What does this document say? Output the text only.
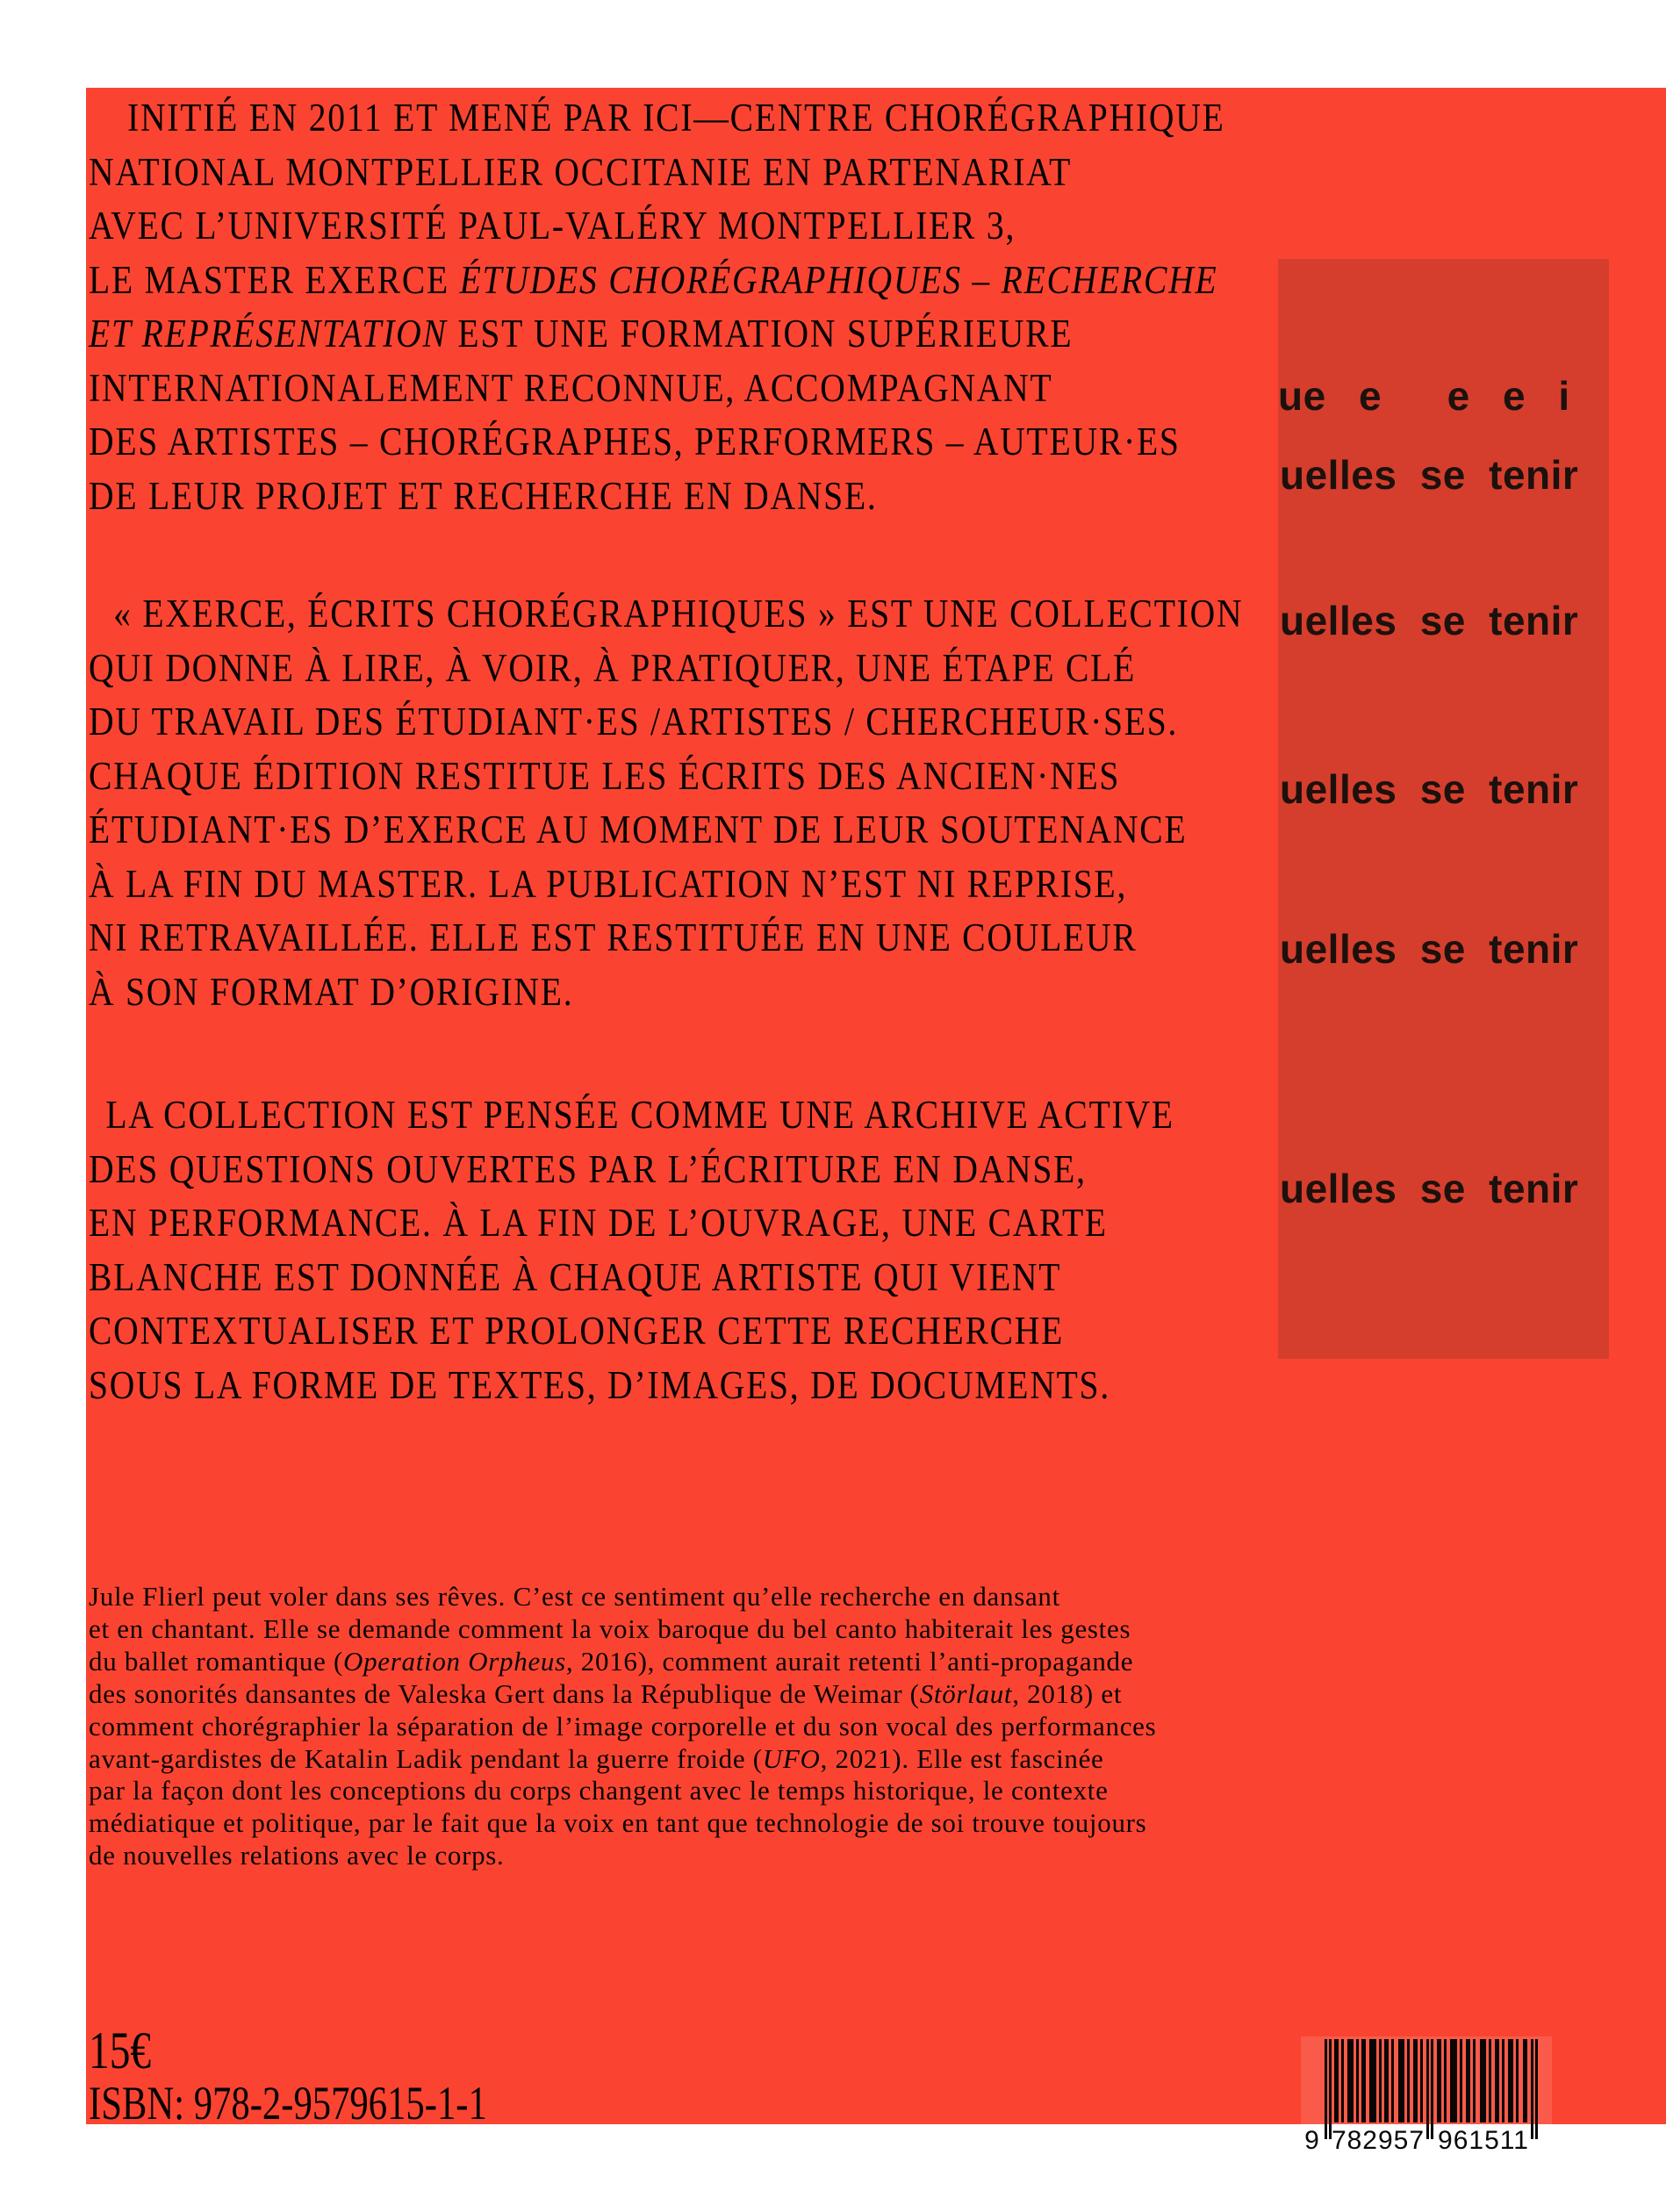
ue e  e e i
uelles se tenir
uelles se tenir
uelles se tenir
uelles se tenir
uelles se tenir
INITIÉ EN 2011 ET MENÉ PAR ICI—CENTRE CHORÉGRAPHIQUE
NATIONAL MONTPELLIER OCCITANIE EN PARTENARIAT
AVEC L’UNIVERSITÉ PAUL-VALÉRY MONTPELLIER 3,
LE MASTER EXERCE ÉTUDES CHORÉGRAPHIQUES – RECHERCHE
ET REPRÉSENTATION EST UNE FORMATION SUPÉRIEURE
INTERNATIONALEMENT RECONNUE, ACCOMPAGNANT
DES ARTISTES – CHORÉGRAPHES, PERFORMERS – AUTEUR·ES
DE LEUR PROJET ET RECHERCHE EN DANSE.
« EXERCE, ÉCRITS CHORÉGRAPHIQUES » EST UNE COLLECTION
QUI DONNE À LIRE, À VOIR, À PRATIQUER, UNE ÉTAPE CLÉ
DU TRAVAIL DES ÉTUDIANT·ES /ARTISTES / CHERCHEUR·SES.
CHAQUE ÉDITION RESTITUE LES ÉCRITS DES ANCIEN·NES
ÉTUDIANT·ES D’EXERCE AU MOMENT DE LEUR SOUTENANCE
À LA FIN DU MASTER. LA PUBLICATION N’EST NI REPRISE,
NI RETRAVAILLÉE. ELLE EST RESTITUÉE EN UNE COULEUR
À SON FORMAT D’ORIGINE.
LA COLLECTION EST PENSÉE COMME UNE ARCHIVE ACTIVE
DES QUESTIONS OUVERTES PAR L’ÉCRITURE EN DANSE,
EN PERFORMANCE. À LA FIN DE L’OUVRAGE, UNE CARTE
BLANCHE EST DONNÉE À CHAQUE ARTISTE QUI VIENT
CONTEXTUALISER ET PROLONGER CETTE RECHERCHE
SOUS LA FORME DE TEXTES, D’IMAGES, DE DOCUMENTS.
Jule Flierl peut voler dans ses rêves. C’est ce sentiment qu’elle recherche en dansant
et en chantant. Elle se demande comment la voix baroque du bel canto habiterait les gestes
du ballet romantique (Operation Orpheus, 2016), comment aurait retenti l’anti-propagande
des sonorités dansantes de Valeska Gert dans la République de Weimar (Störlaut, 2018) et
comment chorégraphier la séparation de l’image corporelle et du son vocal des performances
avant-gardistes de Katalin Ladik pendant la guerre froide (UFO, 2021). Elle est fascinée
par la façon dont les conceptions du corps changent avec le temps historique, le contexte
médiatique et politique, par le fait que la voix en tant que technologie de soi trouve toujours
de nouvelles relations avec le corps.
15€
ISBN: 978-2-9579615-1-1
9 782957 961511
